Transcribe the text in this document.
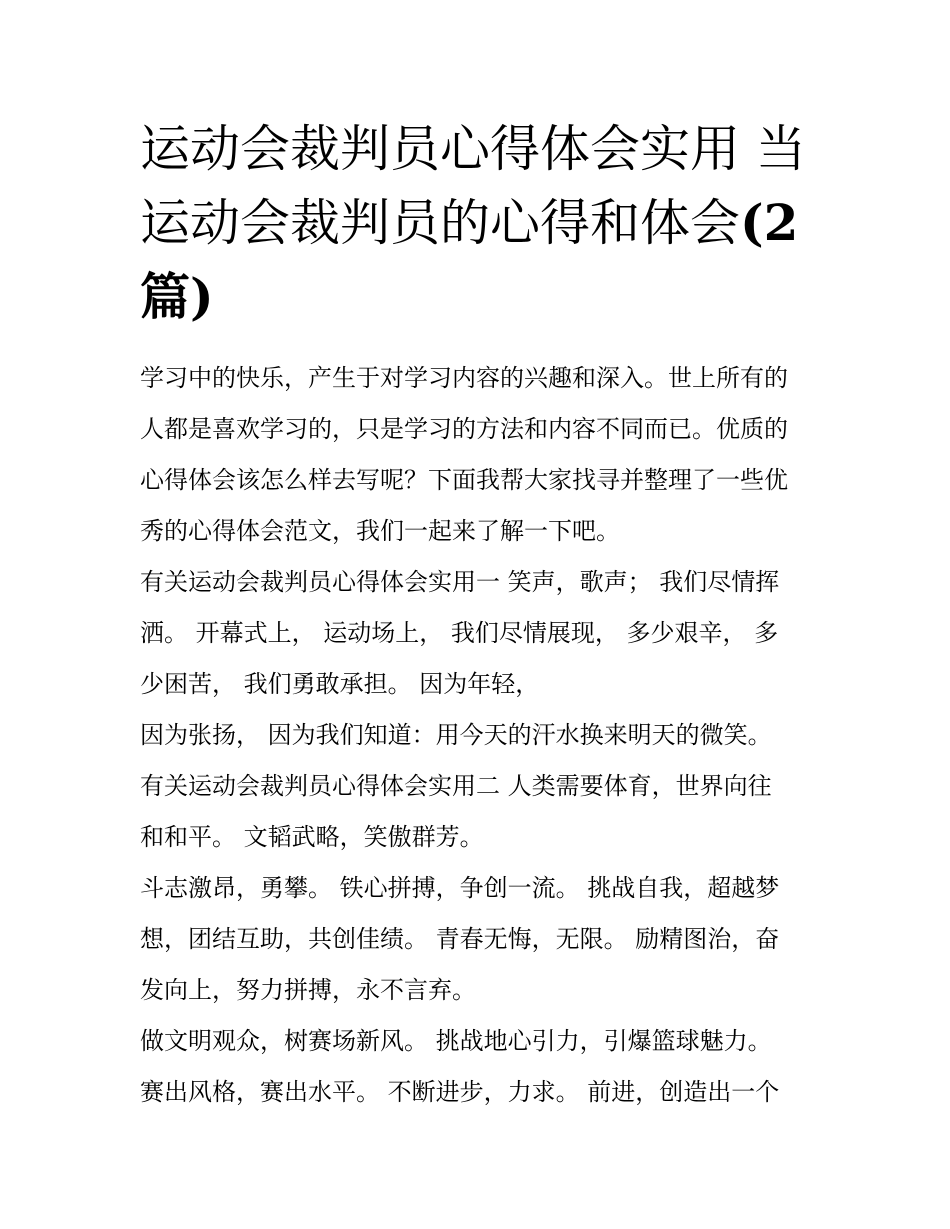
运动会裁判员心得体会实用 当
运动会裁判员的心得和体会(2
篇)
学习中的快乐，产生于对学习内容的兴趣和深入。世上所有的
人都是喜欢学习的，只是学习的方法和内容不同而已。优质的
心得体会该怎么样去写呢？下面我帮大家找寻并整理了一些优
秀的心得体会范文，我们一起来了解一下吧。
有关运动会裁判员心得体会实用一 笑声，歌声； 我们尽情挥
洒。 开幕式上， 运动场上， 我们尽情展现， 多少艰辛， 多
少困苦， 我们勇敢承担。 因为年轻，
因为张扬， 因为我们知道：用今天的汗水换来明天的微笑。
有关运动会裁判员心得体会实用二 人类需要体育，世界向往
和和平。 文韬武略，笑傲群芳。
斗志激昂，勇攀。 铁心拼搏，争创一流。 挑战自我，超越梦
想，团结互助，共创佳绩。 青春无悔，无限。 励精图治，奋
发向上，努力拼搏，永不言弃。
做文明观众，树赛场新风。 挑战地心引力，引爆篮球魅力。
赛出风格，赛出水平。 不断进步，力求。 前进，创造出一个
